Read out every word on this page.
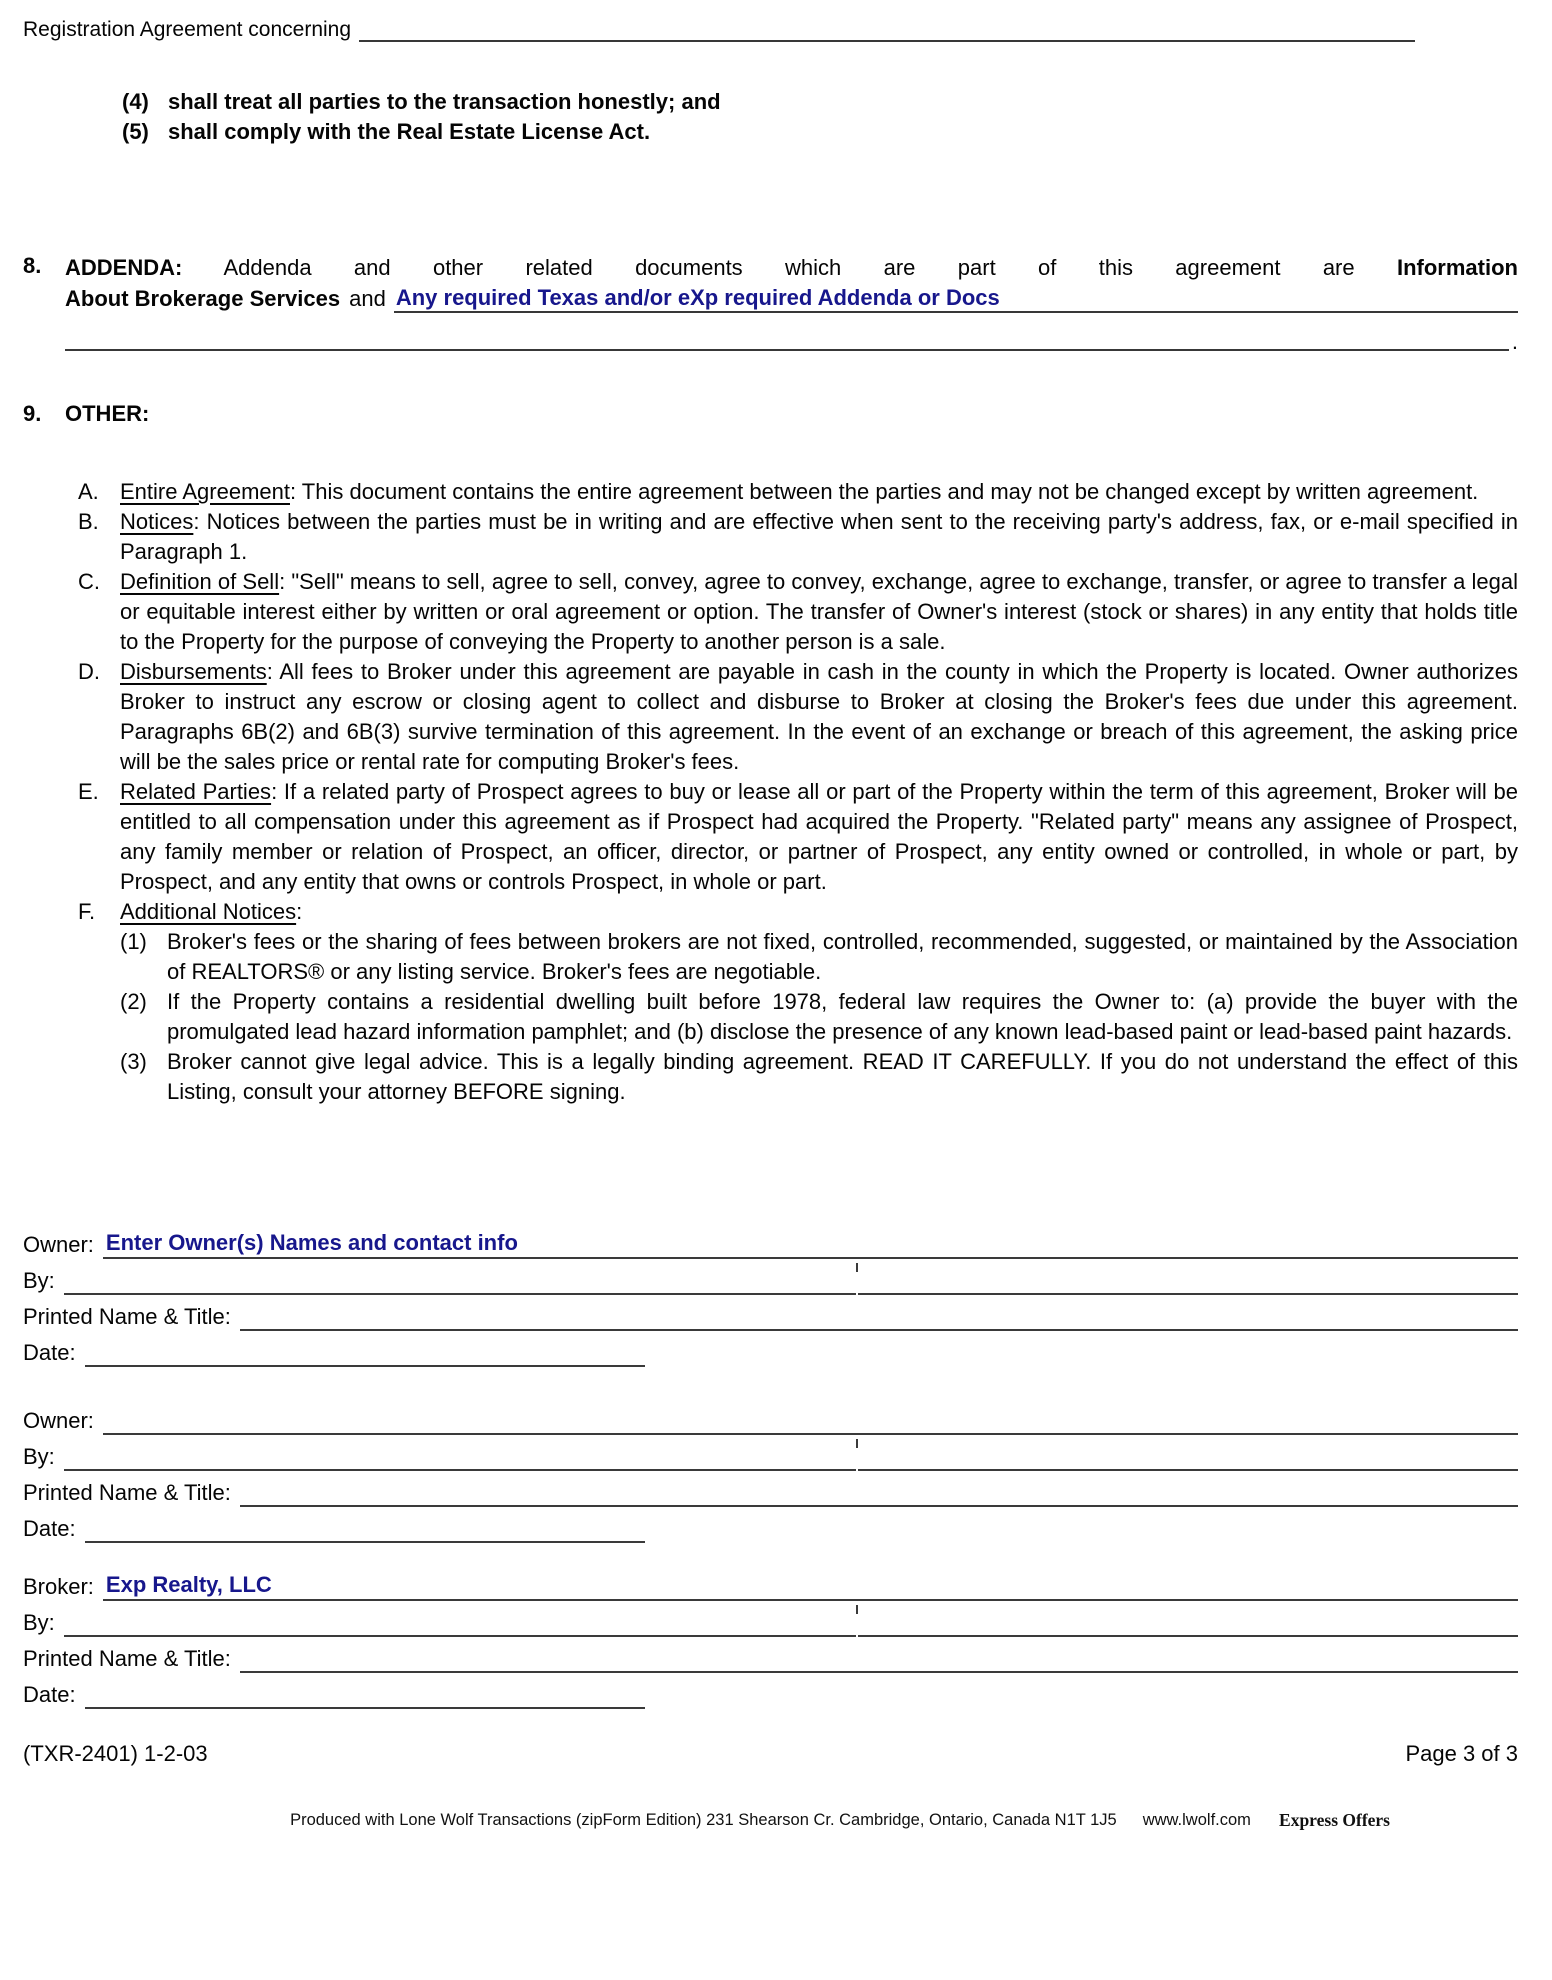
Registration Agreement concerning
(4) shall treat all parties to the transaction honestly; and
(5) shall comply with the Real Estate License Act.
8.	ADDENDA: Addenda and other related documents which are part of this agreement are Information
About Brokerage Services and Any required Texas and/or eXp required Addenda or Docs
.
9.	OTHER:
A. Entire Agreement: This document contains the entire agreement between the parties and may not be changed except by written agreement.
B. Notices: Notices between the parties must be in writing and are effective when sent to the receiving party's address, fax, or e-mail specified in Paragraph 1.
C. Definition of Sell: "Sell" means to sell, agree to sell, convey, agree to convey, exchange, agree to exchange, transfer, or agree to transfer a legal or equitable interest either by written or oral agreement or option. The transfer of Owner's interest (stock or shares) in any entity that holds title to the Property for the purpose of conveying the Property to another person is a sale.
D. Disbursements: All fees to Broker under this agreement are payable in cash in the county in which the Property is located. Owner authorizes Broker to instruct any escrow or closing agent to collect and disburse to Broker at closing the Broker's fees due under this agreement. Paragraphs 6B(2) and 6B(3) survive termination of this agreement. In the event of an exchange or breach of this agreement, the asking price will be the sales price or rental rate for computing Broker's fees.
E. Related Parties: If a related party of Prospect agrees to buy or lease all or part of the Property within the term of this agreement, Broker will be entitled to all compensation under this agreement as if Prospect had acquired the Property. "Related party" means any assignee of Prospect, any family member or relation of Prospect, an officer, director, or partner of Prospect, any entity owned or controlled, in whole or part, by Prospect, and any entity that owns or controls Prospect, in whole or part.
F.	Additional Notices:
(1) Broker's fees or the sharing of fees between brokers are not fixed, controlled, recommended, suggested, or maintained by the Association of REALTORS® or any listing service. Broker's fees are negotiable.
(2) If the Property contains a residential dwelling built before 1978, federal law requires the Owner to: (a) provide the buyer with the promulgated lead hazard information pamphlet; and (b) disclose the presence of any known lead-based paint or lead-based paint hazards.
(3) Broker cannot give legal advice. This is a legally binding agreement. READ IT CAREFULLY. If you do not understand the effect of this Listing, consult your attorney BEFORE signing.
Owner: Enter Owner(s) Names and contact info
By:
Printed Name & Title:
Date:
Owner:
By:
Printed Name & Title:
Date:
Broker: Exp Realty, LLC
By:
Printed Name & Title:
Date:
(TXR-2401) 1-2-03	Page 3 of 3
Produced with Lone Wolf Transactions (zipForm Edition) 231 Shearson Cr. Cambridge, Ontario, Canada N1T 1J5 www.lwolf.com Express Offers
